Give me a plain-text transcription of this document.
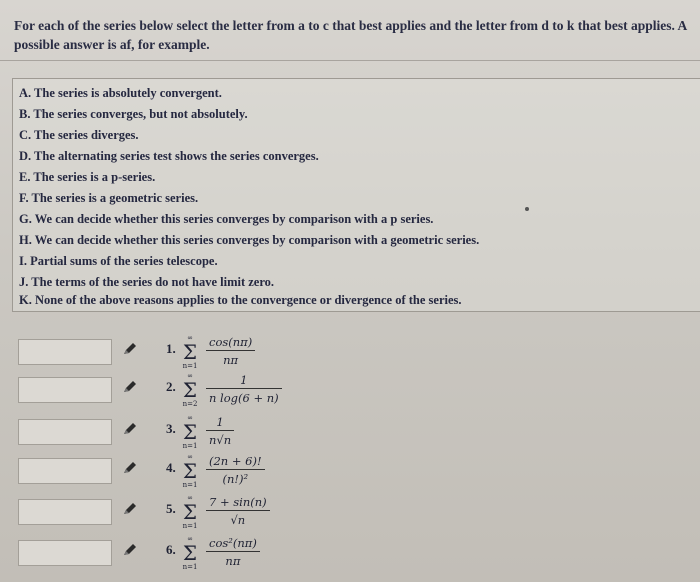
For each of the series below select the letter from a to c that best applies and the letter from d to k that best applies. A
possible answer is af, for example.
A. The series is absolutely convergent.
B. The series converges, but not absolutely.
C. The series diverges.
D. The alternating series test shows the series converges.
E. The series is a p-series.
F. The series is a geometric series.
G. We can decide whether this series converges by comparison with a p series.
H. We can decide whether this series converges by comparison with a geometric series.
I. Partial sums of the series telescope.
J. The terms of the series do not have limit zero.
K. None of the above reasons applies to the convergence or divergence of the series.
1.
∞
Σ
$n=1 \frac{\cos(n\pi)}{n\pi}$
2.
∞
Σ
$n=2 \frac{1}{\text{n log(6 + n)}}$
3.
∞
Σ
$n=1 \frac{1}{n√n}$
4.
∞
Σ
$n=1 \frac{(2n + 6)!}{\text{(n!)²}}$
5.
∞
Σ
$n=1 \frac{7 + \sin(n)}{√n}$
6.
∞
Σ
$n=1 \frac{\text{cos²(nπ)}}{n\pi}$
